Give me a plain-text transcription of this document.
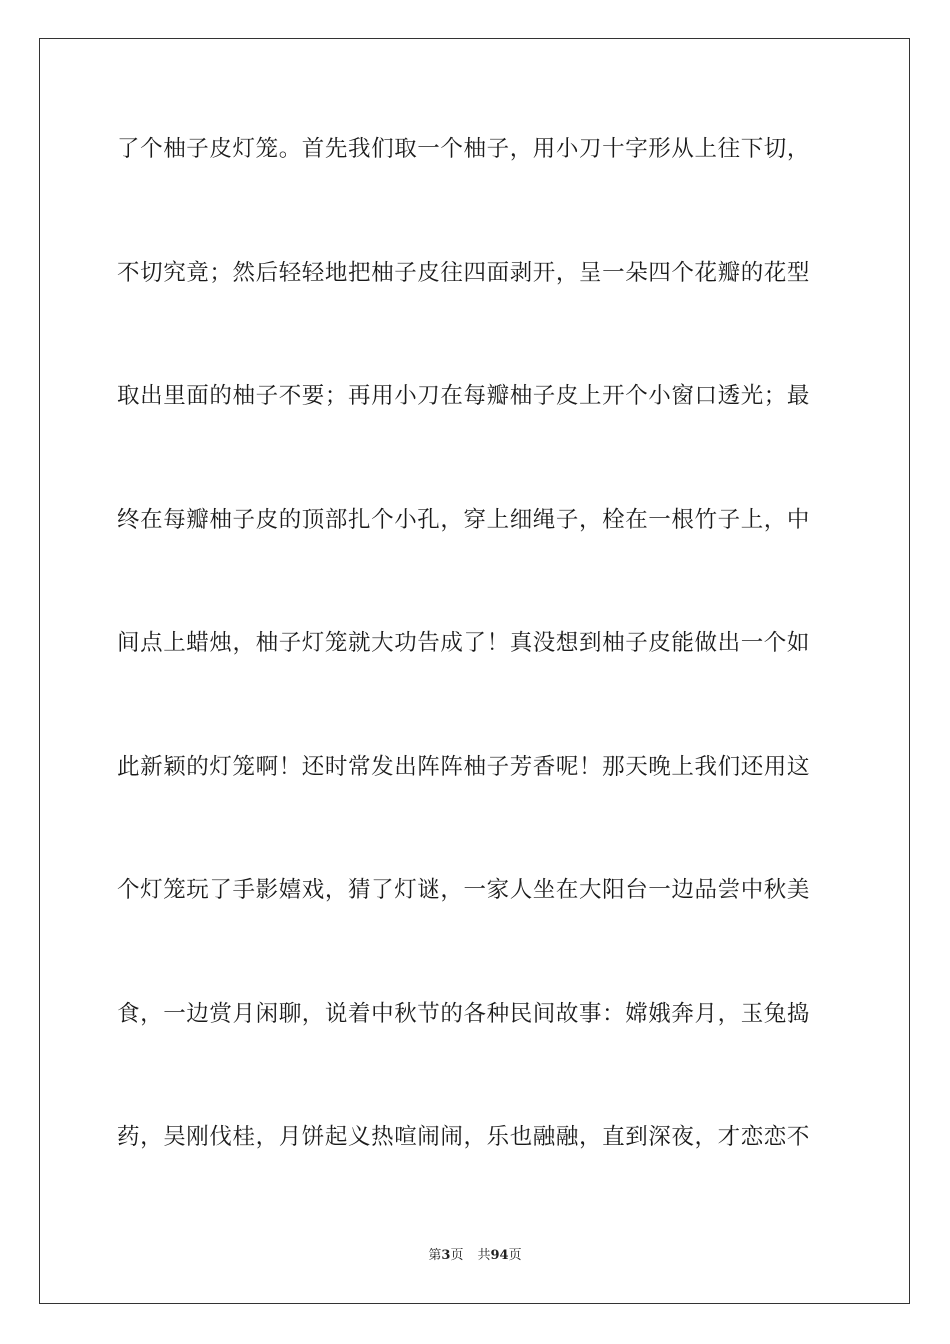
了个柚子皮灯笼。首先我们取一个柚子，用小刀十字形从上往下切，

不切究竟；然后轻轻地把柚子皮往四面剥开，呈一朵四个花瓣的花型

取出里面的柚子不要；再用小刀在每瓣柚子皮上开个小窗口透光；最

终在每瓣柚子皮的顶部扎个小孔，穿上细绳子，栓在一根竹子上，中

间点上蜡烛，柚子灯笼就大功告成了！真没想到柚子皮能做出一个如

此新颖的灯笼啊！还时常发出阵阵柚子芳香呢！那天晚上我们还用这

个灯笼玩了手影嬉戏，猜了灯谜，一家人坐在大阳台一边品尝中秋美

食，一边赏月闲聊，说着中秋节的各种民间故事：嫦娥奔月，玉兔捣

药，吴刚伐桂，月饼起义热喧闹闹，乐也融融，直到深夜，才恋恋不

第3页 共94页
